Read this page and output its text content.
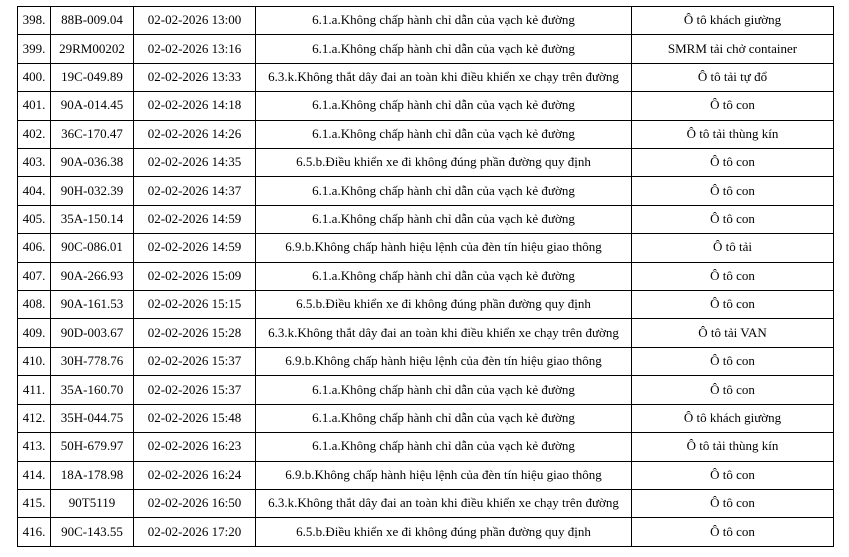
398.	88B-009.04	02-02-2026 13:00	6.1.a.Không chấp hành chỉ dẫn của vạch kẻ đường	Ô tô khách giường
399.	29RM00202	02-02-2026 13:16	6.1.a.Không chấp hành chỉ dẫn của vạch kẻ đường	SMRM tải chở container
400.	19C-049.89	02-02-2026 13:33	6.3.k.Không thắt dây đai an toàn khi điều khiển xe chạy trên đường	Ô tô tải tự đổ
401.	90A-014.45	02-02-2026 14:18	6.1.a.Không chấp hành chỉ dẫn của vạch kẻ đường	Ô tô con
402.	36C-170.47	02-02-2026 14:26	6.1.a.Không chấp hành chỉ dẫn của vạch kẻ đường	Ô tô tải thùng kín
403.	90A-036.38	02-02-2026 14:35	6.5.b.Điều khiển xe đi không đúng phần đường quy định	Ô tô con
404.	90H-032.39	02-02-2026 14:37	6.1.a.Không chấp hành chỉ dẫn của vạch kẻ đường	Ô tô con
405.	35A-150.14	02-02-2026 14:59	6.1.a.Không chấp hành chỉ dẫn của vạch kẻ đường	Ô tô con
406.	90C-086.01	02-02-2026 14:59	6.9.b.Không chấp hành hiệu lệnh của đèn tín hiệu giao thông	Ô tô tải
407.	90A-266.93	02-02-2026 15:09	6.1.a.Không chấp hành chỉ dẫn của vạch kẻ đường	Ô tô con
408.	90A-161.53	02-02-2026 15:15	6.5.b.Điều khiển xe đi không đúng phần đường quy định	Ô tô con
409.	90D-003.67	02-02-2026 15:28	6.3.k.Không thắt dây đai an toàn khi điều khiển xe chạy trên đường	Ô tô tải VAN
410.	30H-778.76	02-02-2026 15:37	6.9.b.Không chấp hành hiệu lệnh của đèn tín hiệu giao thông	Ô tô con
411.	35A-160.70	02-02-2026 15:37	6.1.a.Không chấp hành chỉ dẫn của vạch kẻ đường	Ô tô con
412.	35H-044.75	02-02-2026 15:48	6.1.a.Không chấp hành chỉ dẫn của vạch kẻ đường	Ô tô khách giường
413.	50H-679.97	02-02-2026 16:23	6.1.a.Không chấp hành chỉ dẫn của vạch kẻ đường	Ô tô tải thùng kín
414.	18A-178.98	02-02-2026 16:24	6.9.b.Không chấp hành hiệu lệnh của đèn tín hiệu giao thông	Ô tô con
415.	90T5119	02-02-2026 16:50	6.3.k.Không thắt dây đai an toàn khi điều khiển xe chạy trên đường	Ô tô con
416.	90C-143.55	02-02-2026 17:20	6.5.b.Điều khiển xe đi không đúng phần đường quy định	Ô tô con
